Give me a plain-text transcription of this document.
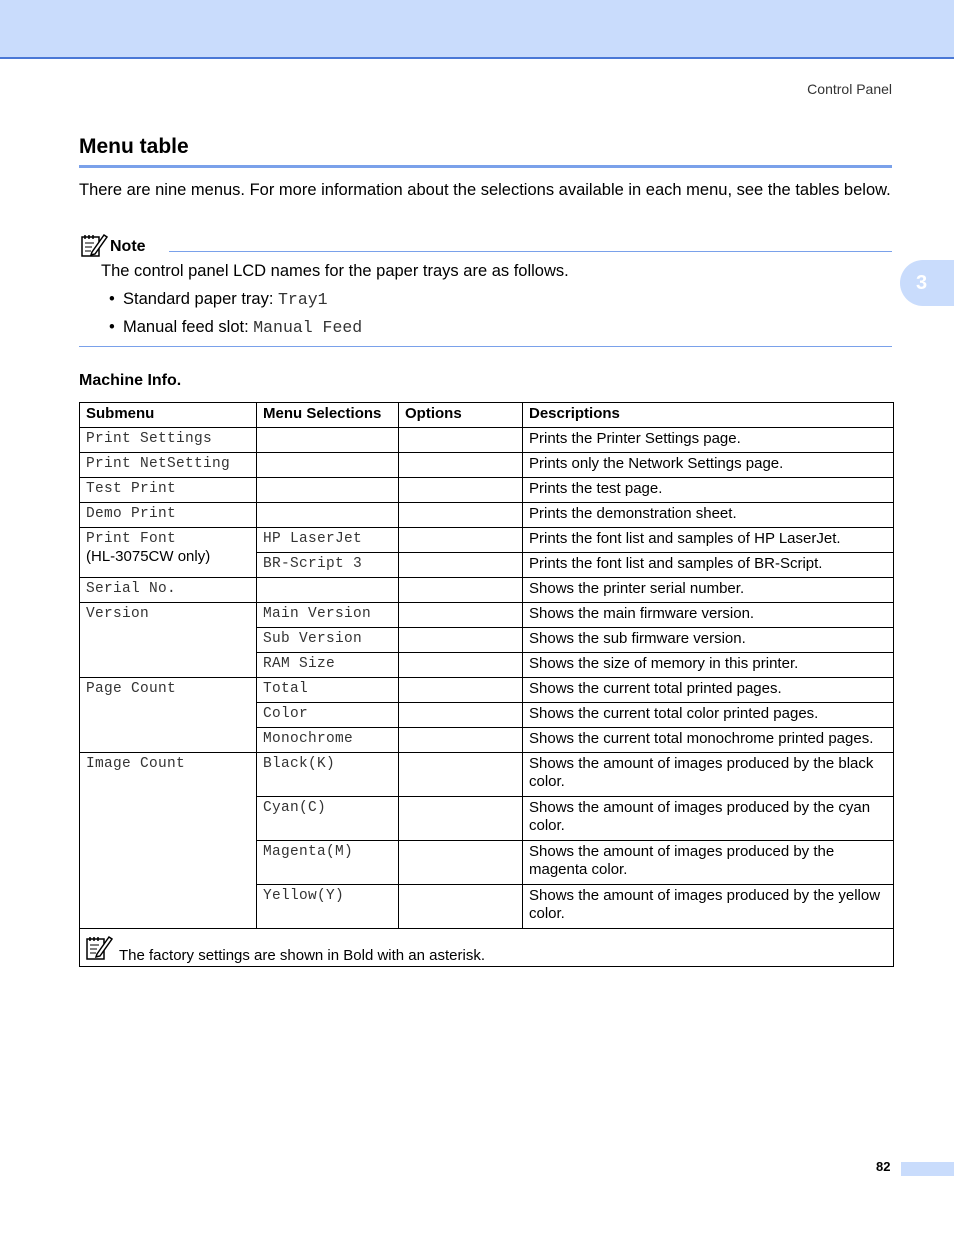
Control Panel
3
Menu table
There are nine menus. For more information about the selections available in each menu, see the tables below.
Note
The control panel LCD names for the paper trays are as follows.
• Standard paper tray: Tray1
• Manual feed slot: Manual Feed
Machine Info.
Submenu	Menu Selections	Options	Descriptions
Print Settings			Prints the Printer Settings page.
Print NetSetting			Prints only the Network Settings page.
Test Print			Prints the test page.
Demo Print			Prints the demonstration sheet.

Print Font
(HL-3075CW only)	HP LaserJet		Prints the font list and samples of HP LaserJet.
	BR-Script 3		Prints the font list and samples of BR-Script.
Serial No.			Shows the printer serial number.
Version	Main Version		Shows the main firmware version.
	Sub Version		Shows the sub firmware version.
	RAM Size		Shows the size of memory in this printer.
Page Count	Total		Shows the current total printed pages.
	Color		Shows the current total color printed pages.
	Monochrome		Shows the current total monochrome printed pages.
Image Count	Black(K)		Shows the amount of images produced by the black color.
	Cyan(C)		Shows the amount of images produced by the cyan color.
	Magenta(M)		Shows the amount of images produced by the magenta color.
	Yellow(Y)		Shows the amount of images produced by the yellow color.

The factory settings are shown in Bold with an asterisk.			
82
